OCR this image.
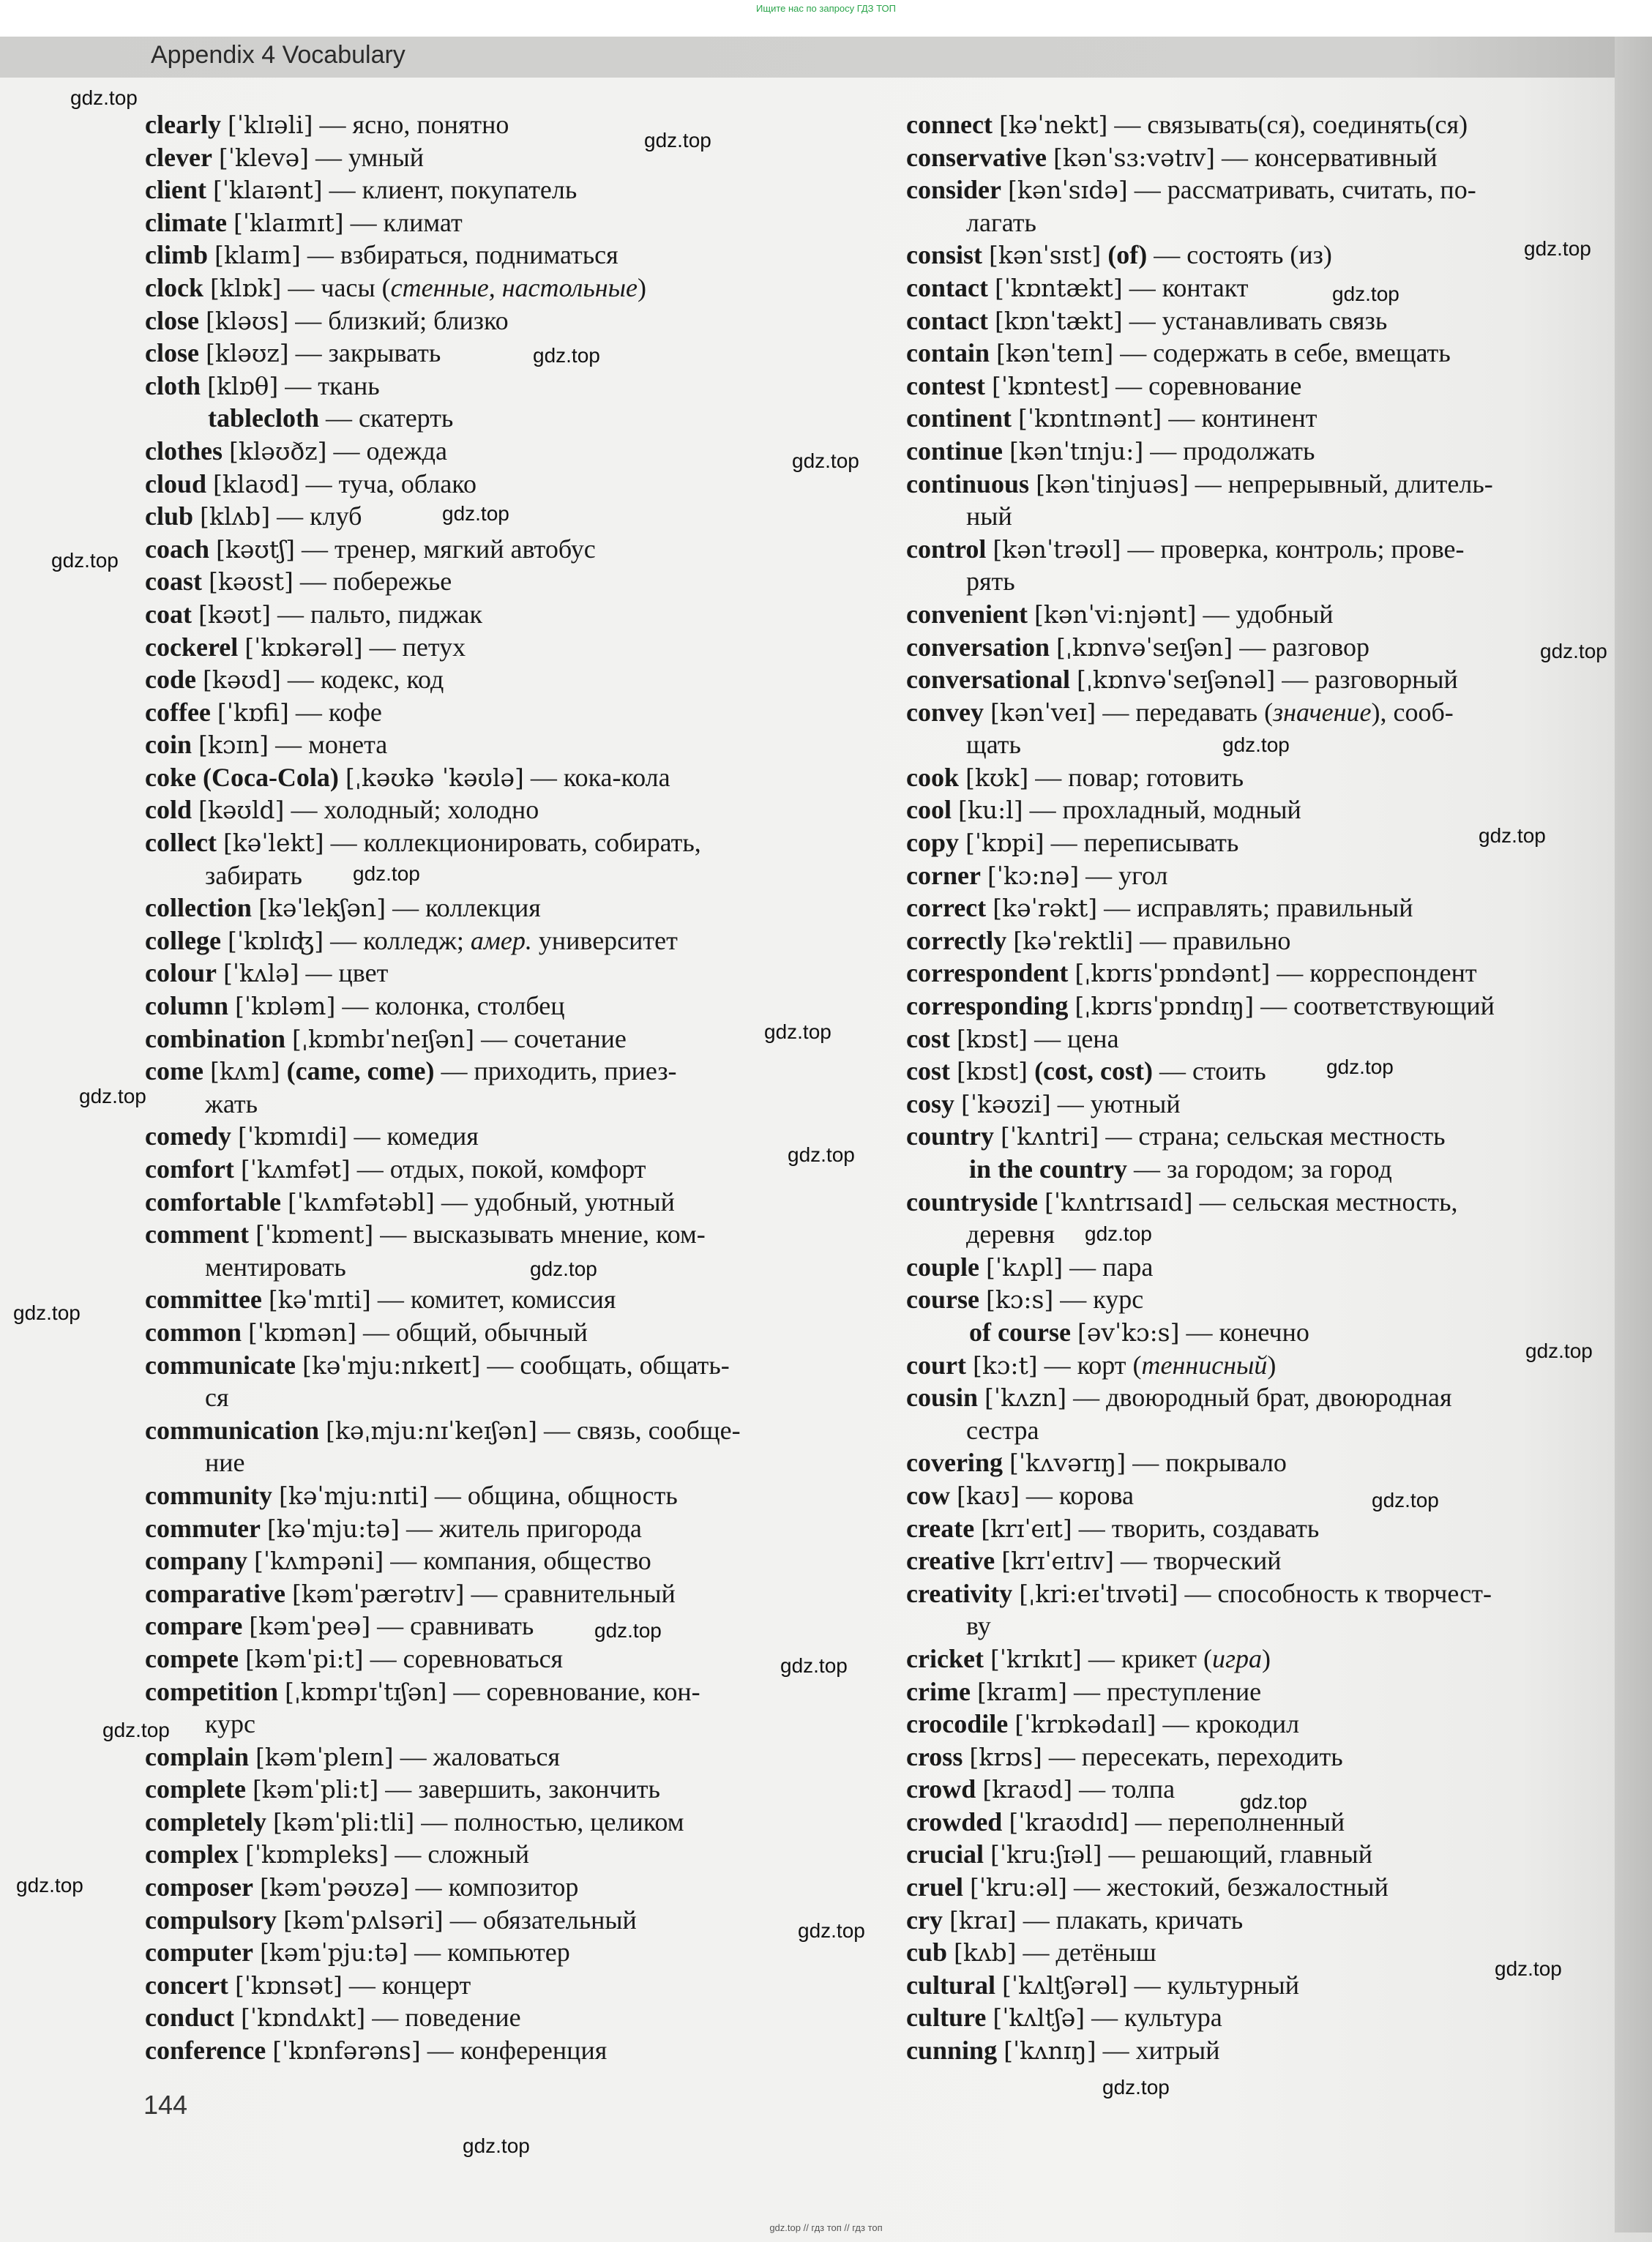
Ищите нас по запросу ГДЗ ТОП
Appendix 4 Vocabulary
clearly [ˈklɪəli] — ясно, понятно
clever [ˈklevə] — умный
client [ˈklaɪənt] — клиент, покупатель
climate [ˈklaɪmɪt] — климат
climb [klaɪm] — взбираться, подниматься
clock [klɒk] — часы (стенные, настольные)
close [kləʊs] — близкий; близко
close [kləʊz] — закрывать
cloth [klɒθ] — ткань
tablecloth — скатерть
clothes [kləʊðz] — одежда
cloud [klaʊd] — туча, облако
club [klʌb] — клуб
coach [kəʊtʃ] — тренер, мягкий автобус
coast [kəʊst] — побережье
coat [kəʊt] — пальто, пиджак
cockerel [ˈkɒkərəl] — петух
code [kəʊd] — кодекс, код
coffee [ˈkɒfi] — кофе
coin [kɔɪn] — монета
coke (Coca-Cola) [ˌkəʊkə ˈkəʊlə] — кока-кола
cold [kəʊld] — холодный; холодно
collect [kəˈlekt] — коллекционировать, собирать,
забирать
collection [kəˈlekʃən] — коллекция
college [ˈkɒlɪʤ] — колледж; амер. университет
colour [ˈkʌlə] — цвет
column [ˈkɒləm] — колонка, столбец
combination [ˌkɒmbɪˈneɪʃən] — сочетание
come [kʌm] (came, come) — приходить, приез-
жать
comedy [ˈkɒmɪdi] — комедия
comfort [ˈkʌmfət] — отдых, покой, комфорт
comfortable [ˈkʌmfətəbl] — удобный, уютный
comment [ˈkɒment] — высказывать мнение, ком-
ментировать
committee [kəˈmɪti] — комитет, комиссия
common [ˈkɒmən] — общий, обычный
communicate [kəˈmju:nɪkeɪt] — сообщать, общать-
ся
communication [kəˌmju:nɪˈkeɪʃən] — связь, сообще-
ние
community [kəˈmju:nɪti] — община, общность
commuter [kəˈmju:tə] — житель пригорода
company [ˈkʌmpəni] — компания, общество
comparative [kəmˈpærətɪv] — сравнительный
compare [kəmˈpeə] — сравнивать
compete [kəmˈpi:t] — соревноваться
competition [ˌkɒmpɪˈtɪʃən] — соревнование, кон-
курс
complain [kəmˈpleɪn] — жаловаться
complete [kəmˈpli:t] — завершить, закончить
completely [kəmˈpli:tli] — полностью, целиком
complex [ˈkɒmpleks] — сложный
composer [kəmˈpəʊzə] — композитор
compulsory [kəmˈpʌlsəri] — обязательный
computer [kəmˈpju:tə] — компьютер
concert [ˈkɒnsət] — концерт
conduct [ˈkɒndʌkt] — поведение
conference [ˈkɒnfərəns] — конференция
connect [kəˈnekt] — связывать(ся), соединять(ся)
conservative [kənˈsɜ:vətɪv] — консервативный
consider [kənˈsɪdə] — рассматривать, считать, по-
лагать
consist [kənˈsɪst] (of) — состоять (из)
contact [ˈkɒntækt] — контакт
contact [kɒnˈtækt] — устанавливать связь
contain [kənˈteɪn] — содержать в себе, вмещать
contest [ˈkɒntest] — соревнование
continent [ˈkɒntɪnənt] — континент
continue [kənˈtɪnju:] — продолжать
continuous [kənˈtinjuəs] — непрерывный, длитель-
ный
control [kənˈtrəʊl] — проверка, контроль; прове-
рять
convenient [kənˈvi:njənt] — удобный
conversation [ˌkɒnvəˈseɪʃən] — разговор
conversational [ˌkɒnvəˈseɪʃənəl] — разговорный
convey [kənˈveɪ] — передавать (значение), сооб-
щать
cook [kʊk] — повар; готовить
cool [ku:l] — прохладный, модный
copy [ˈkɒpi] — переписывать
corner [ˈkɔ:nə] — угол
correct [kəˈrəkt] — исправлять; правильный
correctly [kəˈrektli] — правильно
correspondent [ˌkɒrɪsˈpɒndənt] — корреспондент
corresponding [ˌkɒrɪsˈpɒndɪŋ] — соответствующий
cost [kɒst] — цена
cost [kɒst] (cost, cost) — стоить
cosy [ˈkəʊzi] — уютный
country [ˈkʌntri] — страна; сельская местность
in the country — за городом; за город
countryside [ˈkʌntrɪsaɪd] — сельская местность,
деревня
couple [ˈkʌpl] — пара
course [kɔ:s] — курс
of course [əvˈkɔ:s] — конечно
court [kɔ:t] — корт (теннисный)
cousin [ˈkʌzn] — двоюродный брат, двоюродная
сестра
covering [ˈkʌvərɪŋ] — покрывало
cow [kaʊ] — корова
create [krɪˈeɪt] — творить, создавать
creative [krɪˈeɪtɪv] — творческий
creativity [ˌkri:eɪˈtɪvəti] — способность к творчест-
ву
cricket [ˈkrɪkɪt] — крикет (игра)
crime [kraɪm] — преступление
crocodile [ˈkrɒkədaɪl] — крокодил
cross [krɒs] — пересекать, переходить
crowd [kraʊd] — толпа
crowded [ˈkraʊdɪd] — переполненный
crucial [ˈkru:ʃɪəl] — решающий, главный
cruel [ˈkru:əl] — жестокий, безжалостный
cry [kraɪ] — плакать, кричать
cub [kʌb] — детёныш
cultural [ˈkʌltʃərəl] — культурный
culture [ˈkʌltʃə] — культура
cunning [ˈkʌnɪŋ] — хитрый
gdz.top
gdz.top
gdz.top
gdz.top
gdz.top
gdz.top
gdz.top
gdz.top
gdz.top
gdz.top
gdz.top
gdz.top
gdz.top
gdz.top
gdz.top
gdz.top
gdz.top
gdz.top
gdz.top
gdz.top
gdz.top
gdz.top
gdz.top
gdz.top
gdz.top
gdz.top
gdz.top
gdz.top
gdz.top
gdz.top
144
gdz.top // гдз топ // гдз топ
